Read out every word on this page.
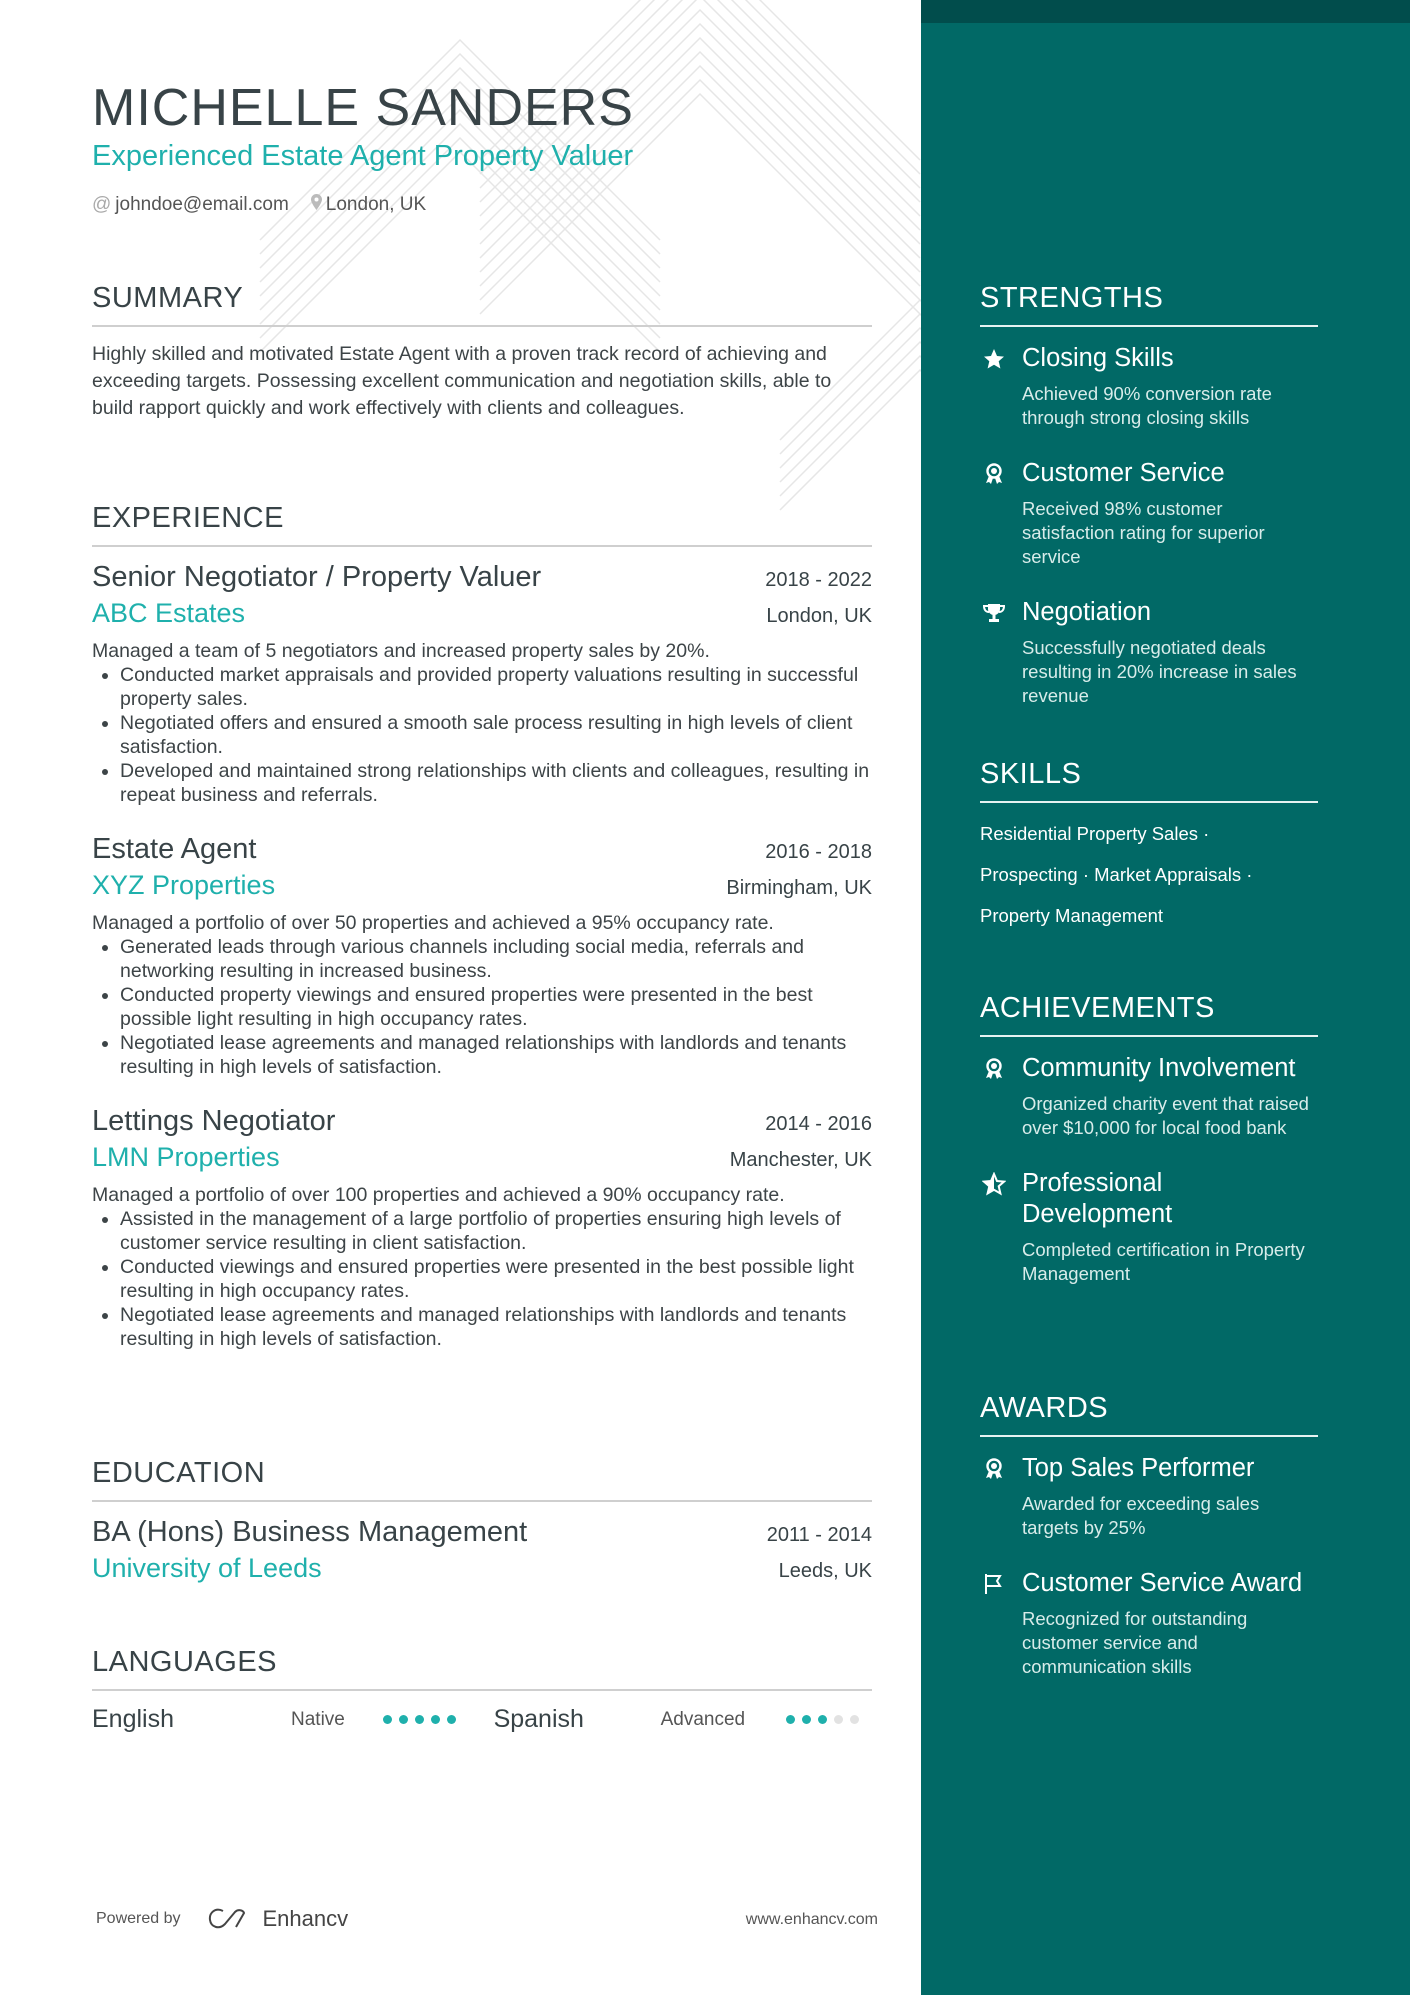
MICHELLE SANDERS
Experienced Estate Agent Property Valuer
@ johndoe@email.com	London, UK
SUMMARY
Highly skilled and motivated Estate Agent with a proven track record of achieving and exceeding targets. Possessing excellent communication and negotiation skills, able to build rapport quickly and work effectively with clients and colleagues.
EXPERIENCE
Senior Negotiator / Property Valuer	2018 - 2022
ABC Estates	London, UK
Managed a team of 5 negotiators and increased property sales by 20%.
• Conducted market appraisals and provided property valuations resulting in successful property sales.
• Negotiated offers and ensured a smooth sale process resulting in high levels of client satisfaction.
• Developed and maintained strong relationships with clients and colleagues, resulting in repeat business and referrals.
Estate Agent	2016 - 2018
XYZ Properties	Birmingham, UK
Managed a portfolio of over 50 properties and achieved a 95% occupancy rate.
• Generated leads through various channels including social media, referrals and networking resulting in increased business.
• Conducted property viewings and ensured properties were presented in the best possible light resulting in high occupancy rates.
• Negotiated lease agreements and managed relationships with landlords and tenants resulting in high levels of satisfaction.
Lettings Negotiator	2014 - 2016
LMN Properties	Manchester, UK
Managed a portfolio of over 100 properties and achieved a 90% occupancy rate.
• Assisted in the management of a large portfolio of properties ensuring high levels of customer service resulting in client satisfaction.
• Conducted viewings and ensured properties were presented in the best possible light resulting in high occupancy rates.
• Negotiated lease agreements and managed relationships with landlords and tenants resulting in high levels of satisfaction.
EDUCATION
BA (Hons) Business Management	2011 - 2014
University of Leeds	Leeds, UK
LANGUAGES
English	Native	Spanish	Advanced
STRENGTHS
Closing Skills
Achieved 90% conversion rate through strong closing skills
Customer Service
Received 98% customer satisfaction rating for superior service
Negotiation
Successfully negotiated deals resulting in 20% increase in sales revenue
SKILLS
Residential Property Sales ·
Prospecting · Market Appraisals ·
Property Management
ACHIEVEMENTS
Community Involvement
Organized charity event that raised over $10,000 for local food bank
Professional Development
Completed certification in Property Management
AWARDS
Top Sales Performer
Awarded for exceeding sales targets by 25%
Customer Service Award
Recognized for outstanding customer service and communication skills
Powered by	Enhancv	www.enhancv.com
